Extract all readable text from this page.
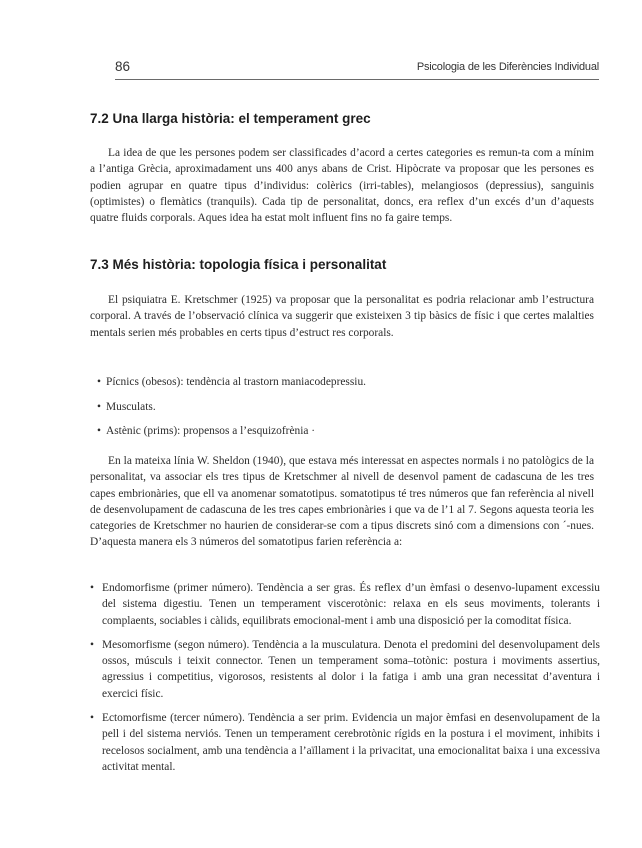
86	Psicologia de les Diferències Individual
7.2 Una llarga història: el temperament grec

La idea de que les persones podem ser classificades d’acord a certes categories es remun-ta com a mínim a l’antiga Grècia, aproximadament uns 400 anys abans de Crist. Hipòcrate va proposar que les persones es podien agrupar en quatre tipus d’individus: colèrics (irri-tables), melangiosos (depressius), sanguinis (optimistes) o flemàtics (tranquils). Cada tip de personalitat, doncs, era reflex d’un excés d’un d’aquests quatre fluids corporals. Aques idea ha estat molt influent fins no fa gaire temps.

7.3 Més història: topologia física i personalitat

El psiquiatra E. Kretschmer (1925) va proposar que la personalitat es podria relacionar amb l’estructura corporal. A través de l’observació clínica va suggerir que existeixen 3 tip bàsics de físic i que certes malalties mentals serien més probables en certs tipus d’estruct res corporals.

• Pícnics (obesos): tendència al trastorn maniacodepressiu.
• Musculats.
• Astènic (prims): propensos a l’esquizofrènia ·

En la mateixa línia W. Sheldon (1940), que estava més interessat en aspectes normals i no patològics de la personalitat, va associar els tres tipus de Kretschmer al nivell de desenvol pament de cadascuna de les tres capes embrionàries, que ell va anomenar somatotipus. somatotipus té tres números que fan referència al nivell de desenvolupament de cadascuna de les tres capes embrionàries i que va de l’1 al 7. Segons aquesta teoria les categories de Kretschmer no haurien de considerar-se com a tipus discrets sinó com a dimensions con ´-nues. D’aquesta manera els 3 números del somatotipus farien referència a:

• Endomorfisme (primer número). Tendència a ser gras. És reflex d’un èmfasi o desenvo-lupament excessiu del sistema digestiu. Tenen un temperament viscerotònic: relaxa en els seus moviments, tolerants i complaents, sociables i càlids, equilibrats emocional-ment i amb una disposició per la comoditat física.
• Mesomorfisme (segon número). Tendència a la musculatura. Denota el predomini del desenvolupament dels ossos, músculs i teixit connector. Tenen un temperament soma–totònic: postura i moviments assertius, agressius i competitius, vigorosos, resistents al dolor i la fatiga i amb una gran necessitat d’aventura i exercici físic.
• Ectomorfisme (tercer número). Tendència a ser prim. Evidencia un major èmfasi en desenvolupament de la pell i del sistema nerviós. Tenen un temperament cerebrotònic rígids en la postura i el moviment, inhibits i recelosos socialment, amb una tendència a l’aïllament i la privacitat, una emocionalitat baixa i una excessiva activitat mental.
